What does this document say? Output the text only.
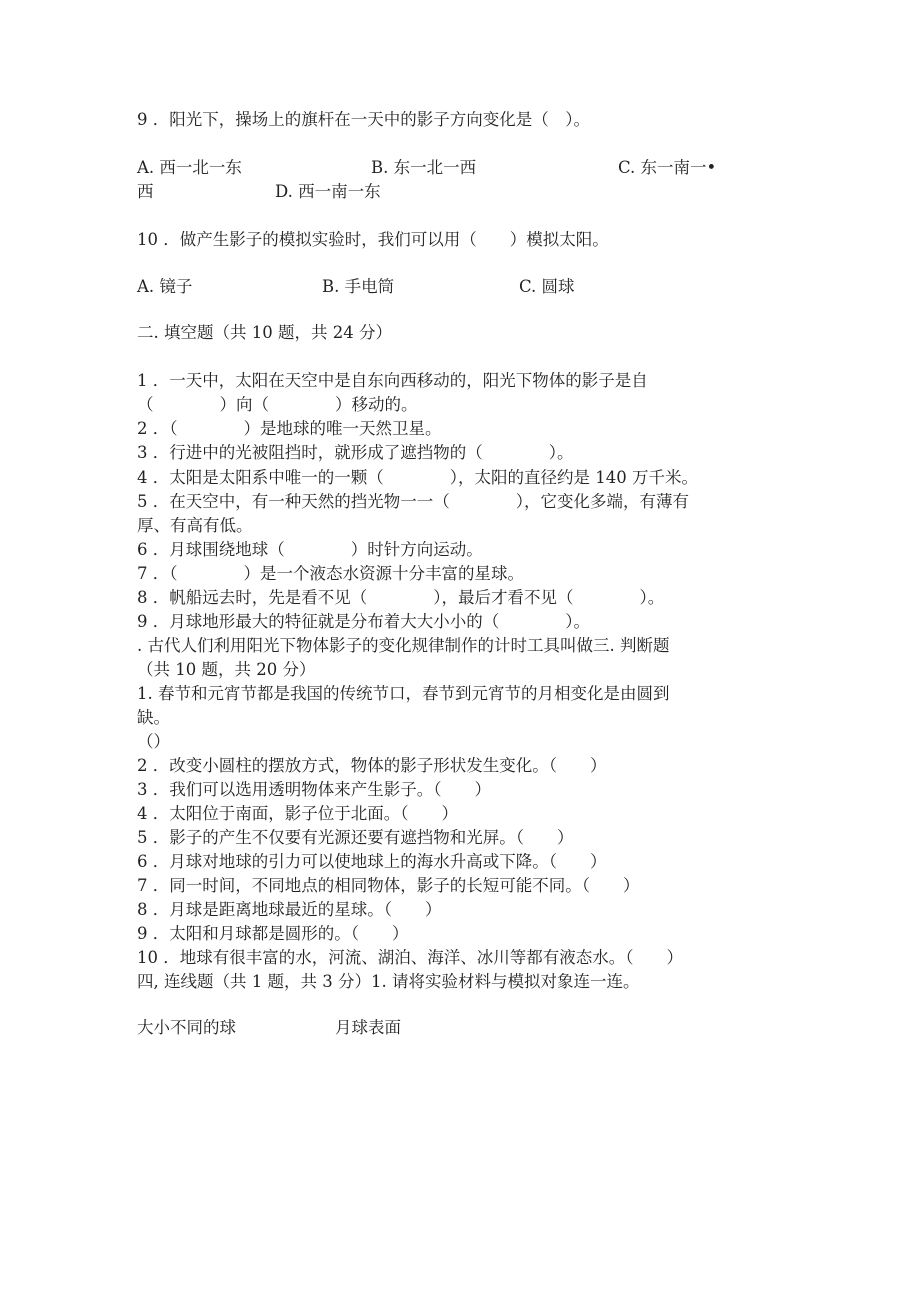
9 ．阳光下，操场上的旗杆在一天中的影子方向变化是（　）。
A. 西一北一东	B. 东一北一西	C. 东一南一•
西	D. 西一南一东
10 ．做产生影子的模拟实验时，我们可以用（　　）模拟太阳。
A. 镜子	B. 手电筒	C. 圆球
二. 填空题（共 10 题，共 24 分）
1 ．一天中，太阳在天空中是自东向西移动的，阳光下物体的影子是自
（　　　　）向（　　　　）移动的。
2 ．（　　　　）是地球的唯一天然卫星。
3 ．行进中的光被阻挡时，就形成了遮挡物的（　　　　）。
4 ．太阳是太阳系中唯一的一颗（　　　　），太阳的直径约是 140 万千米。
5 ．在天空中，有一种天然的挡光物一一（　　　　），它变化多端，有薄有
厚、有高有低。
6 ．月球围绕地球（　　　　）时针方向运动。
7 ．（　　　　）是一个液态水资源十分丰富的星球。
8 ．帆船远去时，先是看不见（　　　　），最后才看不见（　　　　）。
9 ．月球地形最大的特征就是分布着大大小小的（　　　　）。
. 古代人们利用阳光下物体影子的变化规律制作的计时工具叫做三. 判断题
（共 10 题，共 20 分）
1. 春节和元宵节都是我国的传统节口，春节到元宵节的月相变化是由圆到
缺。
（）
2 ．改变小圆柱的摆放方式，物体的影子形状发生变化。（　　）
3 ．我们可以选用透明物体来产生影子。（　　）
4 ．太阳位于南面，影子位于北面。（　　）
5 ．影子的产生不仅要有光源还要有遮挡物和光屏。（　　）
6 ．月球对地球的引力可以使地球上的海水升高或下降。（　　）
7 ．同一时间，不同地点的相同物体，影子的长短可能不同。（　　）
8 ．月球是距离地球最近的星球。（　　）
9 ．太阳和月球都是圆形的。（　　）
10 ．地球有很丰富的水，河流、湖泊、海洋、冰川等都有液态水。（　　）
四, 连线题（共 1 题，共 3 分）1. 请将实验材料与模拟对象连一连。
大小不同的球	月球表面
